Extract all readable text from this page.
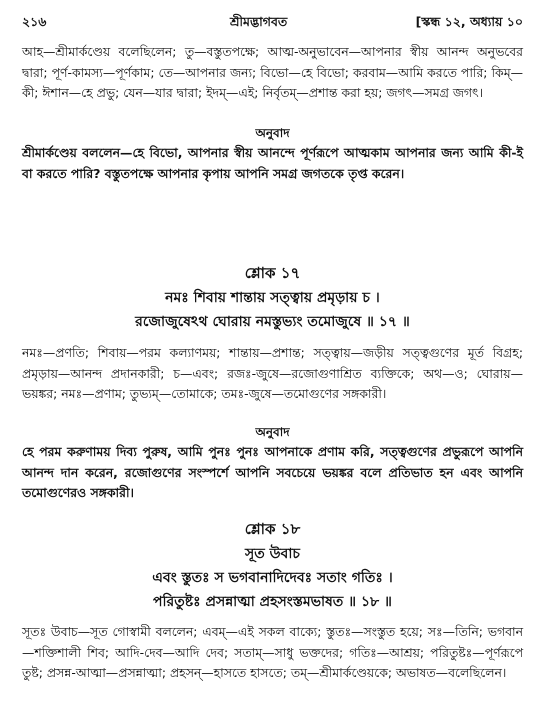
২১৬	শ্রীমদ্ভাগবত	[স্কন্ধ ১২, অধ্যায় ১০

আহ—শ্রীমার্কণ্ডেয় বলেছিলেন; তু—বস্তুতপক্ষে; আত্ম-অনুভাবেন—আপনার স্বীয় আনন্দ অনুভবের দ্বারা; পূর্ণ-কামস্য—পূর্ণকাম; তে—আপনার জন্য; বিভো—হে বিভো; করবাম—আমি করতে পারি; কিম্—কী; ঈশান—হে প্রভু; যেন—যার দ্বারা; ইদম্—এই; নির্বৃতম্—প্রশান্ত করা হয়; জগৎ—সমগ্র জগৎ।

অনুবাদ

শ্রীমার্কণ্ডেয় বললেন—হে বিভো, আপনার স্বীয় আনন্দে পূর্ণরূপে আত্মকাম আপনার জন্য আমি কী-ই বা করতে পারি? বস্তুতপক্ষে আপনার কৃপায় আপনি সমগ্র জগতকে তৃপ্ত করেন।

শ্লোক ১৭
নমঃ শিবায় শান্তায় সত্ত্বায় প্রমৃড়ায় চ ।
রজোজুষেঽথ ঘোরায় নমস্তুভ্যং তমোজুষে ॥ ১৭ ॥

নমঃ—প্রণতি; শিবায়—পরম কল্যাণময়; শান্তায়—প্রশান্ত; সত্ত্বায়—জড়ীয় সত্ত্বগুণের মূর্ত বিগ্রহ; প্রমৃড়ায়—আনন্দ প্রদানকারী; চ—এবং; রজঃ-জুষে—রজোগুণাশ্রিত ব্যক্তিকে; অথ—ও; ঘোরায়—ভয়ঙ্কর; নমঃ—প্রণাম; তুভ্যম্—তোমাকে; তমঃ-জুষে—তমোগুণের সঙ্গকারী।

অনুবাদ

হে পরম করুণাময় দিব্য পুরুষ, আমি পুনঃ পুনঃ আপনাকে প্রণাম করি, সত্ত্বগুণের প্রভুরূপে আপনি আনন্দ দান করেন, রজোগুণের সংস্পর্শে আপনি সবচেয়ে ভয়ঙ্কর বলে প্রতিভাত হন এবং আপনি তমোগুণেরও সঙ্গকারী।

শ্লোক ১৮
সূত উবাচ
এবং স্তুতঃ স ভগবানাদিদেবঃ সতাং গতিঃ ।
পরিতুষ্টঃ প্রসন্নাত্মা প্রহসংস্তমভাষত ॥ ১৮ ॥

সূতঃ উবাচ—সূত গোস্বামী বললেন; এবম্—এই সকল বাক্যে; স্তুতঃ—সংস্তুত হয়ে; সঃ—তিনি; ভগবান—শক্তিশালী শিব; আদি-দেব—আদি দেব; সতাম্—সাধু ভক্তদের; গতিঃ—আশ্রয়; পরিতুষ্টঃ—পূর্ণরূপে তুষ্ট; প্রসন্ন-আত্মা—প্রসন্নাত্মা; প্রহসন্—হাসতে হাসতে; তম্—শ্রীমার্কণ্ডেয়কে; অভাষত—বলেছিলেন।
